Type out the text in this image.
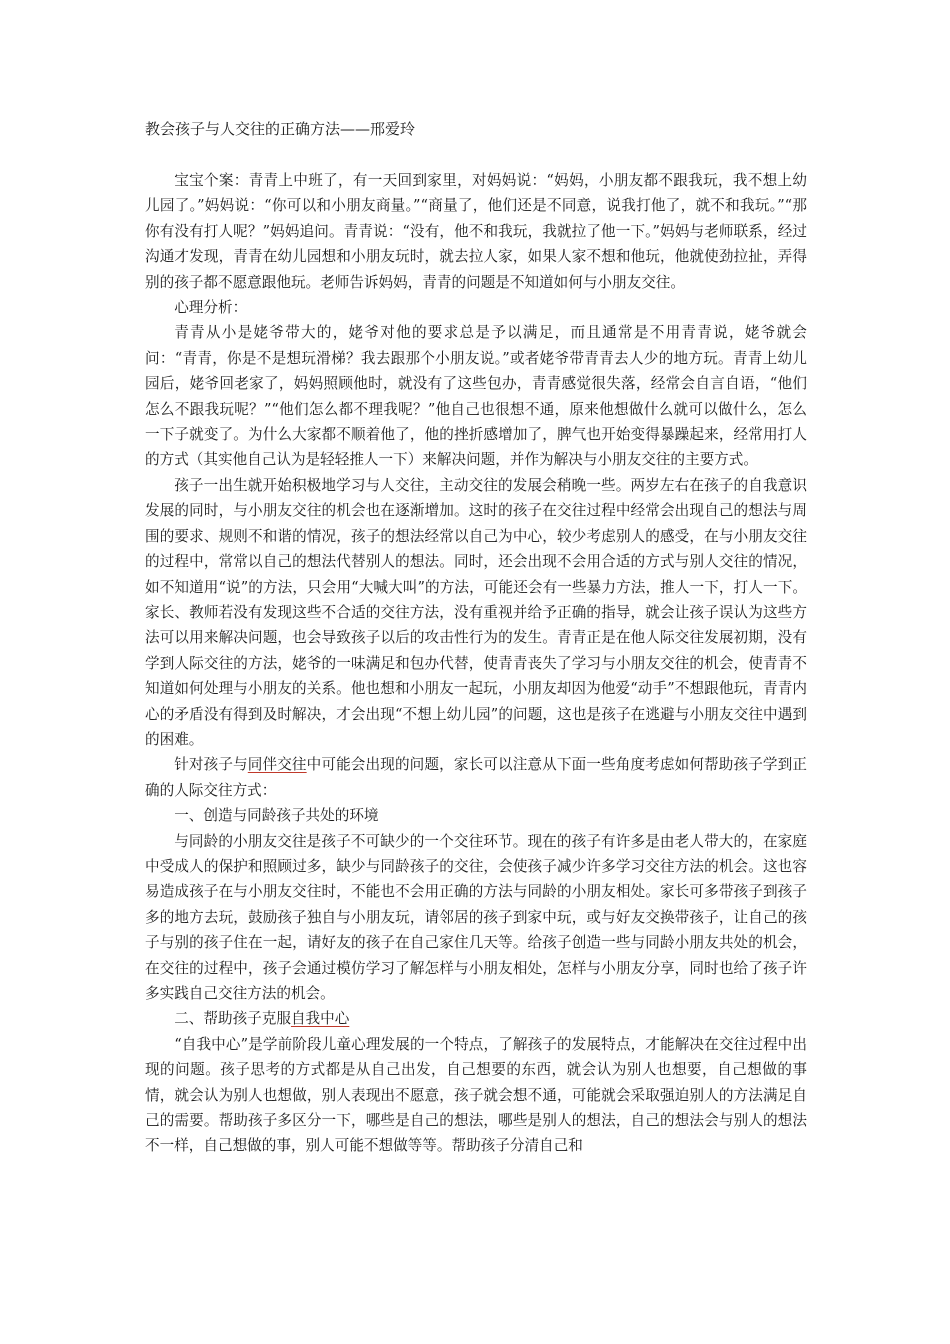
教会孩子与人交往的正确方法——邢爱玲

宝宝个案：青青上中班了，有一天回到家里，对妈妈说：“妈妈，小朋友都不跟我玩，我不想上幼儿园了。”妈妈说：“你可以和小朋友商量。”“商量了，他们还是不同意，说我打他了，就不和我玩。”“那你有没有打人呢？”妈妈追问。青青说：“没有，他不和我玩，我就拉了他一下。”妈妈与老师联系，经过沟通才发现，青青在幼儿园想和小朋友玩时，就去拉人家，如果人家不想和他玩，他就使劲拉扯，弄得别的孩子都不愿意跟他玩。老师告诉妈妈，青青的问题是不知道如何与小朋友交往。

心理分析：

青青从小是姥爷带大的，姥爷对他的要求总是予以满足，而且通常是不用青青说，姥爷就会问：“青青，你是不是想玩滑梯？我去跟那个小朋友说。”或者姥爷带青青去人少的地方玩。青青上幼儿园后，姥爷回老家了，妈妈照顾他时，就没有了这些包办，青青感觉很失落，经常会自言自语，“他们怎么不跟我玩呢？”“他们怎么都不理我呢？”他自己也很想不通，原来他想做什么就可以做什么，怎么一下子就变了。为什么大家都不顺着他了，他的挫折感增加了，脾气也开始变得暴躁起来，经常用打人的方式（其实他自己认为是轻轻推人一下）来解决问题，并作为解决与小朋友交往的主要方式。

孩子一出生就开始积极地学习与人交往，主动交往的发展会稍晚一些。两岁左右在孩子的自我意识发展的同时，与小朋友交往的机会也在逐渐增加。这时的孩子在交往过程中经常会出现自己的想法与周围的要求、规则不和谐的情况，孩子的想法经常以自己为中心，较少考虑别人的感受，在与小朋友交往的过程中，常常以自己的想法代替别人的想法。同时，还会出现不会用合适的方式与别人交往的情况，如不知道用“说”的方法，只会用“大喊大叫”的方法，可能还会有一些暴力方法，推人一下，打人一下。家长、教师若没有发现这些不合适的交往方法，没有重视并给予正确的指导，就会让孩子误认为这些方法可以用来解决问题，也会导致孩子以后的攻击性行为的发生。青青正是在他人际交往发展初期，没有学到人际交往的方法，姥爷的一味满足和包办代替，使青青丧失了学习与小朋友交往的机会，使青青不知道如何处理与小朋友的关系。他也想和小朋友一起玩，小朋友却因为他爱“动手”不想跟他玩，青青内心的矛盾没有得到及时解决，才会出现“不想上幼儿园”的问题，这也是孩子在逃避与小朋友交往中遇到的困难。

针对孩子与同伴交往中可能会出现的问题，家长可以注意从下面一些角度考虑如何帮助孩子学到正确的人际交往方式：

一、创造与同龄孩子共处的环境

与同龄的小朋友交往是孩子不可缺少的一个交往环节。现在的孩子有许多是由老人带大的，在家庭中受成人的保护和照顾过多，缺少与同龄孩子的交往，会使孩子减少许多学习交往方法的机会。这也容易造成孩子在与小朋友交往时，不能也不会用正确的方法与同龄的小朋友相处。家长可多带孩子到孩子多的地方去玩，鼓励孩子独自与小朋友玩，请邻居的孩子到家中玩，或与好友交换带孩子，让自己的孩子与别的孩子住在一起，请好友的孩子在自己家住几天等。给孩子创造一些与同龄小朋友共处的机会，在交往的过程中，孩子会通过模仿学习了解怎样与小朋友相处，怎样与小朋友分享，同时也给了孩子许多实践自己交往方法的机会。

二、帮助孩子克服自我中心

“自我中心”是学前阶段儿童心理发展的一个特点，了解孩子的发展特点，才能解决在交往过程中出现的问题。孩子思考的方式都是从自己出发，自己想要的东西，就会认为别人也想要，自己想做的事情，就会认为别人也想做，别人表现出不愿意，孩子就会想不通，可能就会采取强迫别人的方法满足自己的需要。帮助孩子多区分一下，哪些是自己的想法，哪些是别人的想法，自己的想法会与别人的想法不一样，自己想做的事，别人可能不想做等等。帮助孩子分清自己和
